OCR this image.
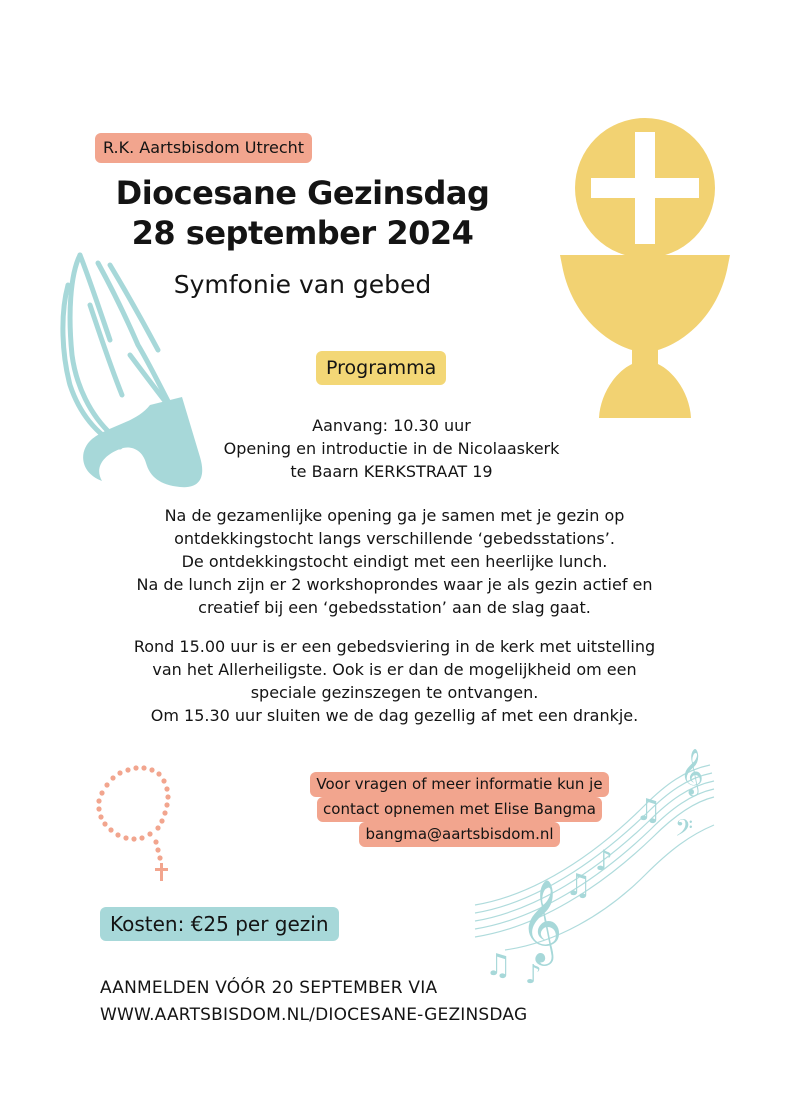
𝄞
𝄞
𝄢
♫
♪
♫
♫ ♪
R.K. Aartsbisdom Utrecht
Diocesane Gezinsdag
28 september 2024
Symfonie van gebed
Programma
Aanvang: 10.30 uur
Opening en introductie in de Nicolaaskerk
te Baarn KERKSTRAAT 19
Na de gezamenlijke opening ga je samen met je gezin op
ontdekkingstocht langs verschillende ‘gebedsstations’.
De ontdekkingstocht eindigt met een heerlijke lunch.
Na de lunch zijn er 2 workshoprondes waar je als gezin actief en
creatief bij een ‘gebedsstation’ aan de slag gaat.
Rond 15.00 uur is er een gebedsviering in de kerk met uitstelling
van het Allerheiligste. Ook is er dan de mogelijkheid om een
speciale gezinszegen te ontvangen.
Om 15.30 uur sluiten we de dag gezellig af met een drankje.
Voor vragen of meer informatie kun je contact opnemen met Elise Bangma bangma@aartsbisdom.nl
Kosten: €25 per gezin
AANMELDEN VÓÓR 20 SEPTEMBER VIA
WWW.AARTSBISDOM.NL/DIOCESANE-GEZINSDAG
